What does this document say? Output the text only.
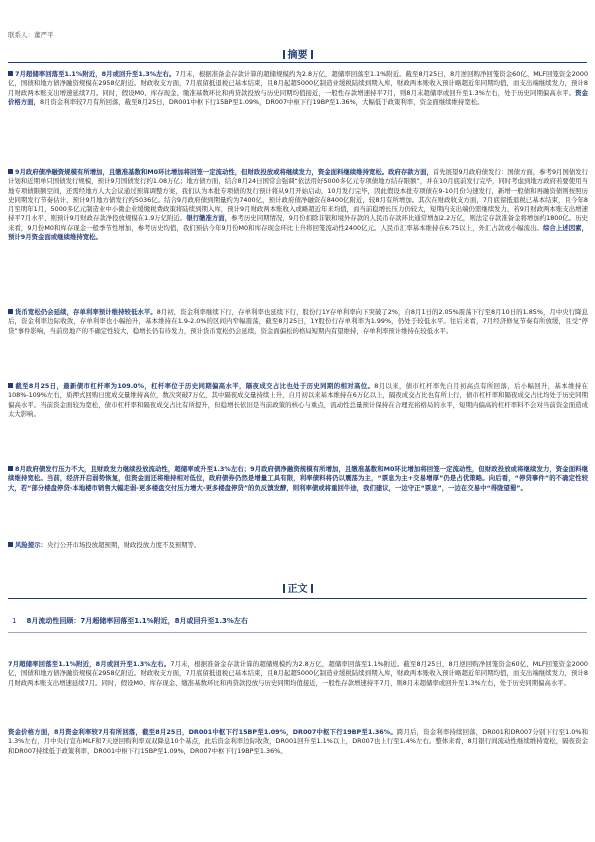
联系人：董严平
摘要
7月超储率回落至1.1%附近，8月或回升至1.3%左右。7月末，根据准备金存款计算的超储规模约为2.8万亿，超储率回落至1.1%附近。截至8月25日，8月逆回购净回笼资金60亿、MLF回笼资金2000亿，国债和地方债净融资规模在2958亿附近。财政收支方面，7月底留抵退税已基本结束，且8月起超5000亿制造业缓税陆续到期入库，财政两本账收入预计略超近年同期均值，而支出端继续发力，预计8月财政两本账支出增速延续7月。同时，假设M0、库存现金、缴准基数环比和再贷款投放与历史同期均值接近，一般性存款增速持平7月，则8月末超储率或回升至1.3%左右，处于历史同期偏高水平。资金价格方面，8月资金利率较7月有所回落，截至8月25日，DR001中枢下行15BP至1.09%，DR007中枢下行19BP至1.36%，大幅低于政策利率，资金面继续维持宽松。
9月政府债净融资规模有所增加，且缴准基数和M0环比增加将回笼一定流动性，但财政投放或将继续发力，资金面料继续维持宽松。政府存款方面，首先展望9月政府债发行：国债方面，参考9月国债发行计划和近期单只国债发行规模，预计9月国债发行约1.08万亿；地方债方面，结合8月24日国常会强调“依法用好5000多亿元专项债地方结存限额”，并在10月底前发行完毕，同时考虑到地方政府若要使用当地专项债限额空间，还需经地方人大会议通过预算调整方案，我们认为本批专项债的发行预计将从9月开始启动，10月发行完毕，因此假设本批专项债在9-10月份匀速发行，新增一般债和再融资债则按照历史同期发行节奏估计，预计9月地方债发行约5036亿。结合9月政府债到期量约为7400亿，预计政府债净融资在8400亿附近，较8月有所增加。其次在财政收支方面，7月底留抵退税已基本结束，且今年8月至明年1月，5000多亿元制造业中小微企业缓缴税费政策将陆续到期入库，预计9月财政两本账收入或略超近年来均值，而当前稳增长压力仍较大，短期内支出端仍需继续发力，若9月财政两本账支出增速持平7月水平，则预计9月财政存款净投放规模在1.9万亿附近。银行缴准方面，参考历史同期情况，9月份扣除非银和境外存款的人民币存款环比通常增加2.2万亿，则法定存款准备金将增加约1800亿。历史来看，9月份M0和库存现金一般季节性增加，参考历史均值，我们预估今年9月份M0和库存现金环比上升将回笼流动性2400亿元。人民币汇率基本维持在6.75以上，外汇占款或小幅流出。综合上述因素，预计9月资金面或继续维持宽松。
货币宽松仍会延续，存单利率预计维持较低水平。8月初，资金利率继续下行，存单利率也延续下行，股份行1Y存单利率向下突破了2%，自8月1日的2.05%震荡下行至8月10日的1.85%，月中央行降息后，资金利率边际收敛，存单利率也小幅抬升，基本维持在1.9-2.0%的区间内窄幅震荡，截至8月25日，1Y股份行存单利率为1.99%，仍处于较低水平。往后来看，7月经济修复节奏有所放缓，且受“停贷”事件影响，当前房地产的不确定性较大，稳增长仍有待发力，预计货币宽松仍会延续，资金面偏松的格局短期内有望维持，存单利率预计维持在较低水平。
截至8月25日，最新债市杠杆率为109.0%，杠杆率位于历史同期偏高水平，隔夜成交占比也处于历史同期的相对高位。8月以来，债市杠杆率先自月初高点有所回落，后小幅回升，基本维持在108%-109%左右，质押式回购日度成交量维持高位，数次突破7万亿，其中隔夜成交量持续上升，自月初以来基本维持在6万亿以上，隔夜成交占比也有所上行，债市杠杆率和隔夜成交占比均处于历史同期偏高水平。当前资金面较为宽松，债市杠杆率和隔夜成交占比有所提升，但稳增长依旧是当前政策的核心与重点，流动性总量预计保持在合理充裕格局的水平，短期内偏高的杠杆率料不会对当前资金面造成太大影响。
8月政府债发行压力不大，且财政发力继续投放流动性，超储率或升至1.3%左右；9月政府债净融资规模有所增加，且缴准基数和M0环比增加将回笼一定流动性，但财政投放或将继续发力，资金面料继续维持宽松。当前，经济开启弱势恢复，但资金面还将维持相对低位，政府债券仍然是增量工具有限，利率债料将仍以震荡为主，“票息为主+交易增厚”仍是占优策略。向后看，“停贷事件”的不确定性较大，若“部分楼盘停贷-本地楼市销售大幅走弱-更多楼盘交付压力增大-更多楼盘停贷”的负反馈发酵，则利率债或将重回牛途，我们建议，一边守正“票息”，一边在交易中“得陇望蜀”。
风险提示：央行公开市场投放超预期，财政投放力度不及预期等。
正文
1 8月流动性回顾：7月超储率回落至1.1%附近，8月或回升至1.3%左右
7月超储率回落至1.1%附近，8月或回升至1.3%左右。7月末，根据准备金存款计算的超储规模约为2.8万亿，超储率回落至1.1%附近。截至8月25日，8月逆回购净回笼资金60亿、MLF回笼资金2000亿，国债和地方债净融资规模在2958亿附近。财政收支方面，7月底留抵退税已基本结束，且8月起超5000亿制造业缓税陆续到期入库，财政两本账收入预计略超近年同期均值，而支出端继续发力，预计8月财政两本账支出增速延续7月。同时，假设M0、库存现金、缴准基数环比和再贷款投放与历史同期均值接近，一般性存款增速持平7月，则8月末超储率或回升至1.3%左右，处于历史同期偏高水平。
资金价格方面，8月资金利率较7月有所回落，截至8月25日，DR001中枢下行15BP至1.09%，DR007中枢下行19BP至1.36%。跨月后，资金利率持续回落，DR001和DR007分别下行至1.0%和1.3%左右，月中央行宣布MLF和7天逆回购利率双双降息10个基点，此后资金利率边际收敛，DR001回升至1.1%以上，DR007也上行至1.4%左右。整体来看，8月银行间流动性继续维持宽松，隔夜资金和DR007持续低于政策利率，DR001中枢下行15BP至1.09%，DR007中枢下行19BP至1.36%。
